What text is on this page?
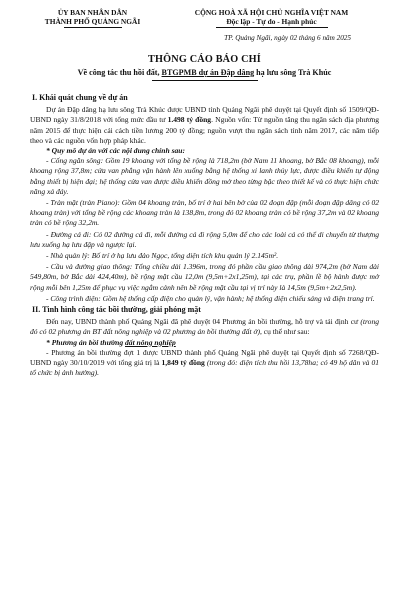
ỦY BAN NHÂN DÂN
THÀNH PHỐ QUẢNG NGÃI
CỘNG HOÀ XÃ HỘI CHỦ NGHĨA VIỆT NAM
Độc lập - Tự do - Hạnh phúc
TP. Quảng Ngãi, ngày 02 tháng 6 năm 2025
THÔNG CÁO BÁO CHÍ
Về công tác thu hồi đất, BTGPMB dự án Đập dâng hạ lưu sông Trà Khúc
I. Khái quát chung về dự án
Dự án Đập dâng hạ lưu sông Trà Khúc được UBND tỉnh Quảng Ngãi phê duyệt tại Quyết định số 1509/QĐ-UBND ngày 31/8/2018 với tổng mức đầu tư 1.498 tỷ đồng. Nguồn vốn: Từ nguồn tăng thu ngân sách địa phương năm 2015 để thực hiện cải cách tiền lương 200 tỷ đồng; nguồn vượt thu ngân sách tỉnh năm 2017, các năm tiếp theo và các nguồn vốn hợp pháp khác.
* Quy mô dự án với các nội dung chính sau:
- Cống ngăn sông: Gồm 19 khoang với tổng bề rộng là 718,2m (bờ Nam 11 khoang, bờ Bắc 08 khoang), mỗi khoang rộng 37,8m; cửa van phẳng vận hành lên xuống bằng hệ thống xi lanh thủy lực, được điều khiển tự động bằng thiết bị hiện đại; hệ thống cửa van được điều khiển đồng mở theo từng bậc theo thiết kế và có thực hiện chức năng xả đáy.
- Tràn mặt (tràn Piano): Gồm 04 khoang tràn, bố trí ở hai bên bờ của 02 đoạn đập (mỗi đoạn đập dâng có 02 khoang tràn) với tổng bề rộng các khoang tràn là 138,8m, trong đó 02 khoang tràn có bề rộng 37,2m và 02 khoang tràn có bề rộng 32,2m.
- Đường cá đi: Có 02 đường cá đi, mỗi đường cá đi rộng 5,0m để cho các loài cá có thể di chuyển từ thượng lưu xuống hạ lưu đập và ngược lại.
- Nhà quản lý: Bố trí ở hạ lưu đảo Ngọc, tổng diện tích khu quản lý 2.145m².
- Cầu và đường giao thông: Tổng chiều dài 1.396m, trong đó phần cầu giao thông dài 974,2m (bờ Nam dài 549,80m, bờ Bắc dài 424,40m), bề rộng mặt cầu 12,0m (9,5m+2x1,25m), tại các trụ, phần lề bộ hành được mở rộng mỗi bên 1,25m để phục vụ việc ngắm cảnh nên bề rộng mặt cầu tại vị trí này là 14,5m (9,5m+2x2,5m).
- Công trình điện: Gồm hệ thống cấp điện cho quản lý, vận hành; hệ thống điện chiếu sáng và điện trang trí.
II. Tình hình công tác bồi thường, giải phóng mặt
Đến nay, UBND thành phố Quảng Ngãi đã phê duyệt 04 Phương án bồi thường, hỗ trợ và tái định cư (trong đó có 02 phương án BT đất nông nghiệp và 02 phương án bồi thường đất ở), cụ thể như sau:
* Phương án bồi thường đất nông nghiệp
- Phương án bồi thường đợt 1 được UBND thành phố Quảng Ngãi phê duyệt tại Quyết định số 7268/QĐ-UBND ngày 30/10/2019 với tổng giá trị là 1,849 tỷ đồng (trong đó: diện tích thu hồi 13,78ha; có 49 hộ dân và 01 tổ chức bị ảnh hưởng).
